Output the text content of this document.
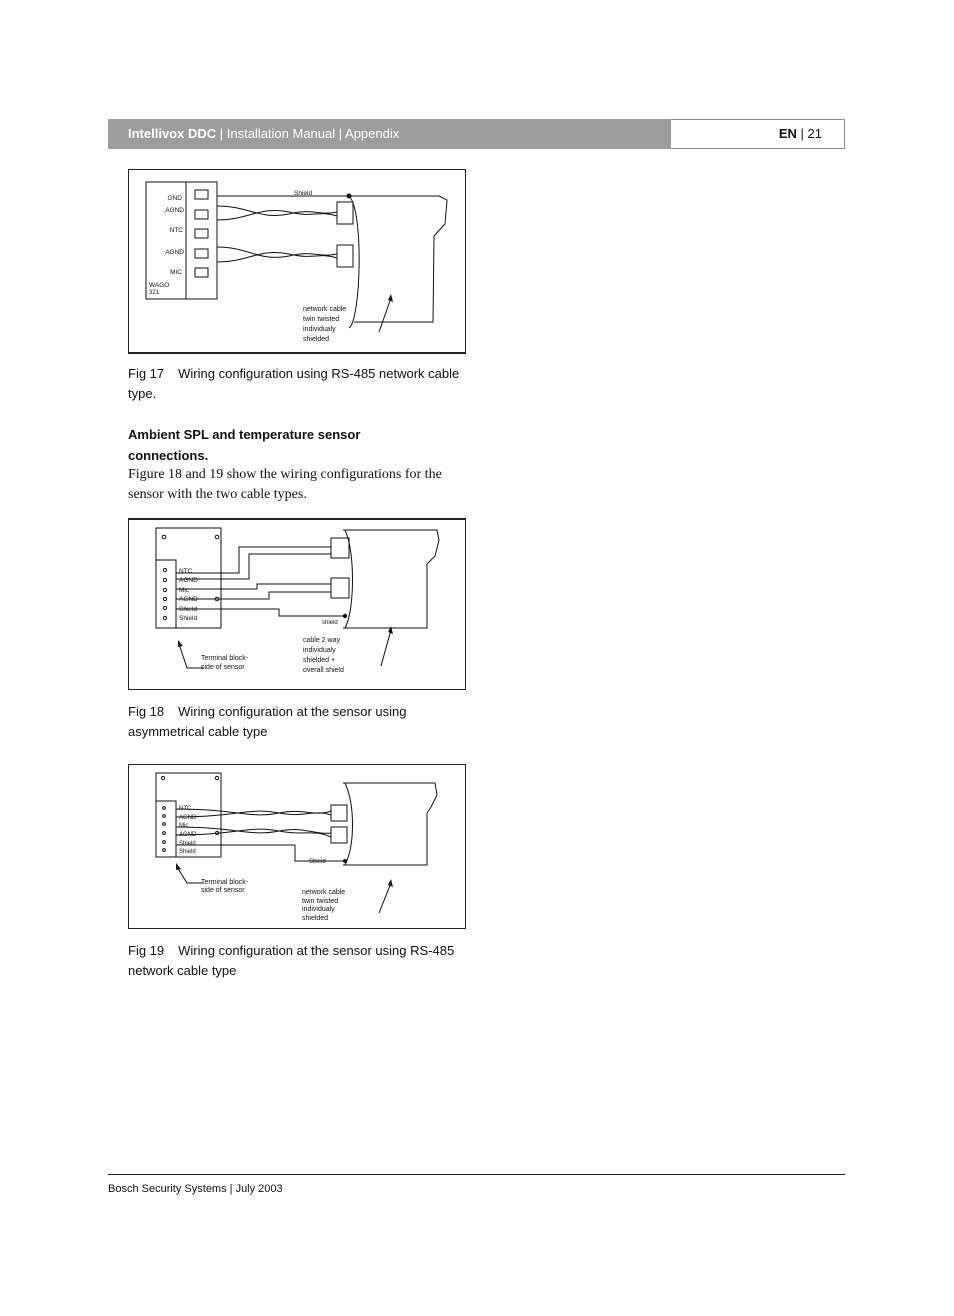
Intellivox DDC | Installation Manual | Appendix	EN | 21
GND
AGND
NTC
AGND
MIC
WAGO
321
Shield
network cable
twin twisted
individualy
shielded
Fig 17 Wiring configuration using RS-485 network cable type.
Ambient SPL and temperature sensor connections.
Figure 18 and 19 show the wiring configurations for the sensor with the two cable types.
NTC
AGND
Mic
AGND
Shield
Shield
shield
Terminal block-
side of sensor
cable 2 way
individualy
shielded +
overall shield
Fig 18 Wiring configuration at the sensor using asymmetrical cable type
NTC
AGND
Mic
AGND
Shield
Shield
Shield
Terminal block-
side of sensor	network cable
twin twisted
individualy
shielded
Fig 19 Wiring configuration at the sensor using RS-485 network cable type
Bosch Security Systems | July 2003
